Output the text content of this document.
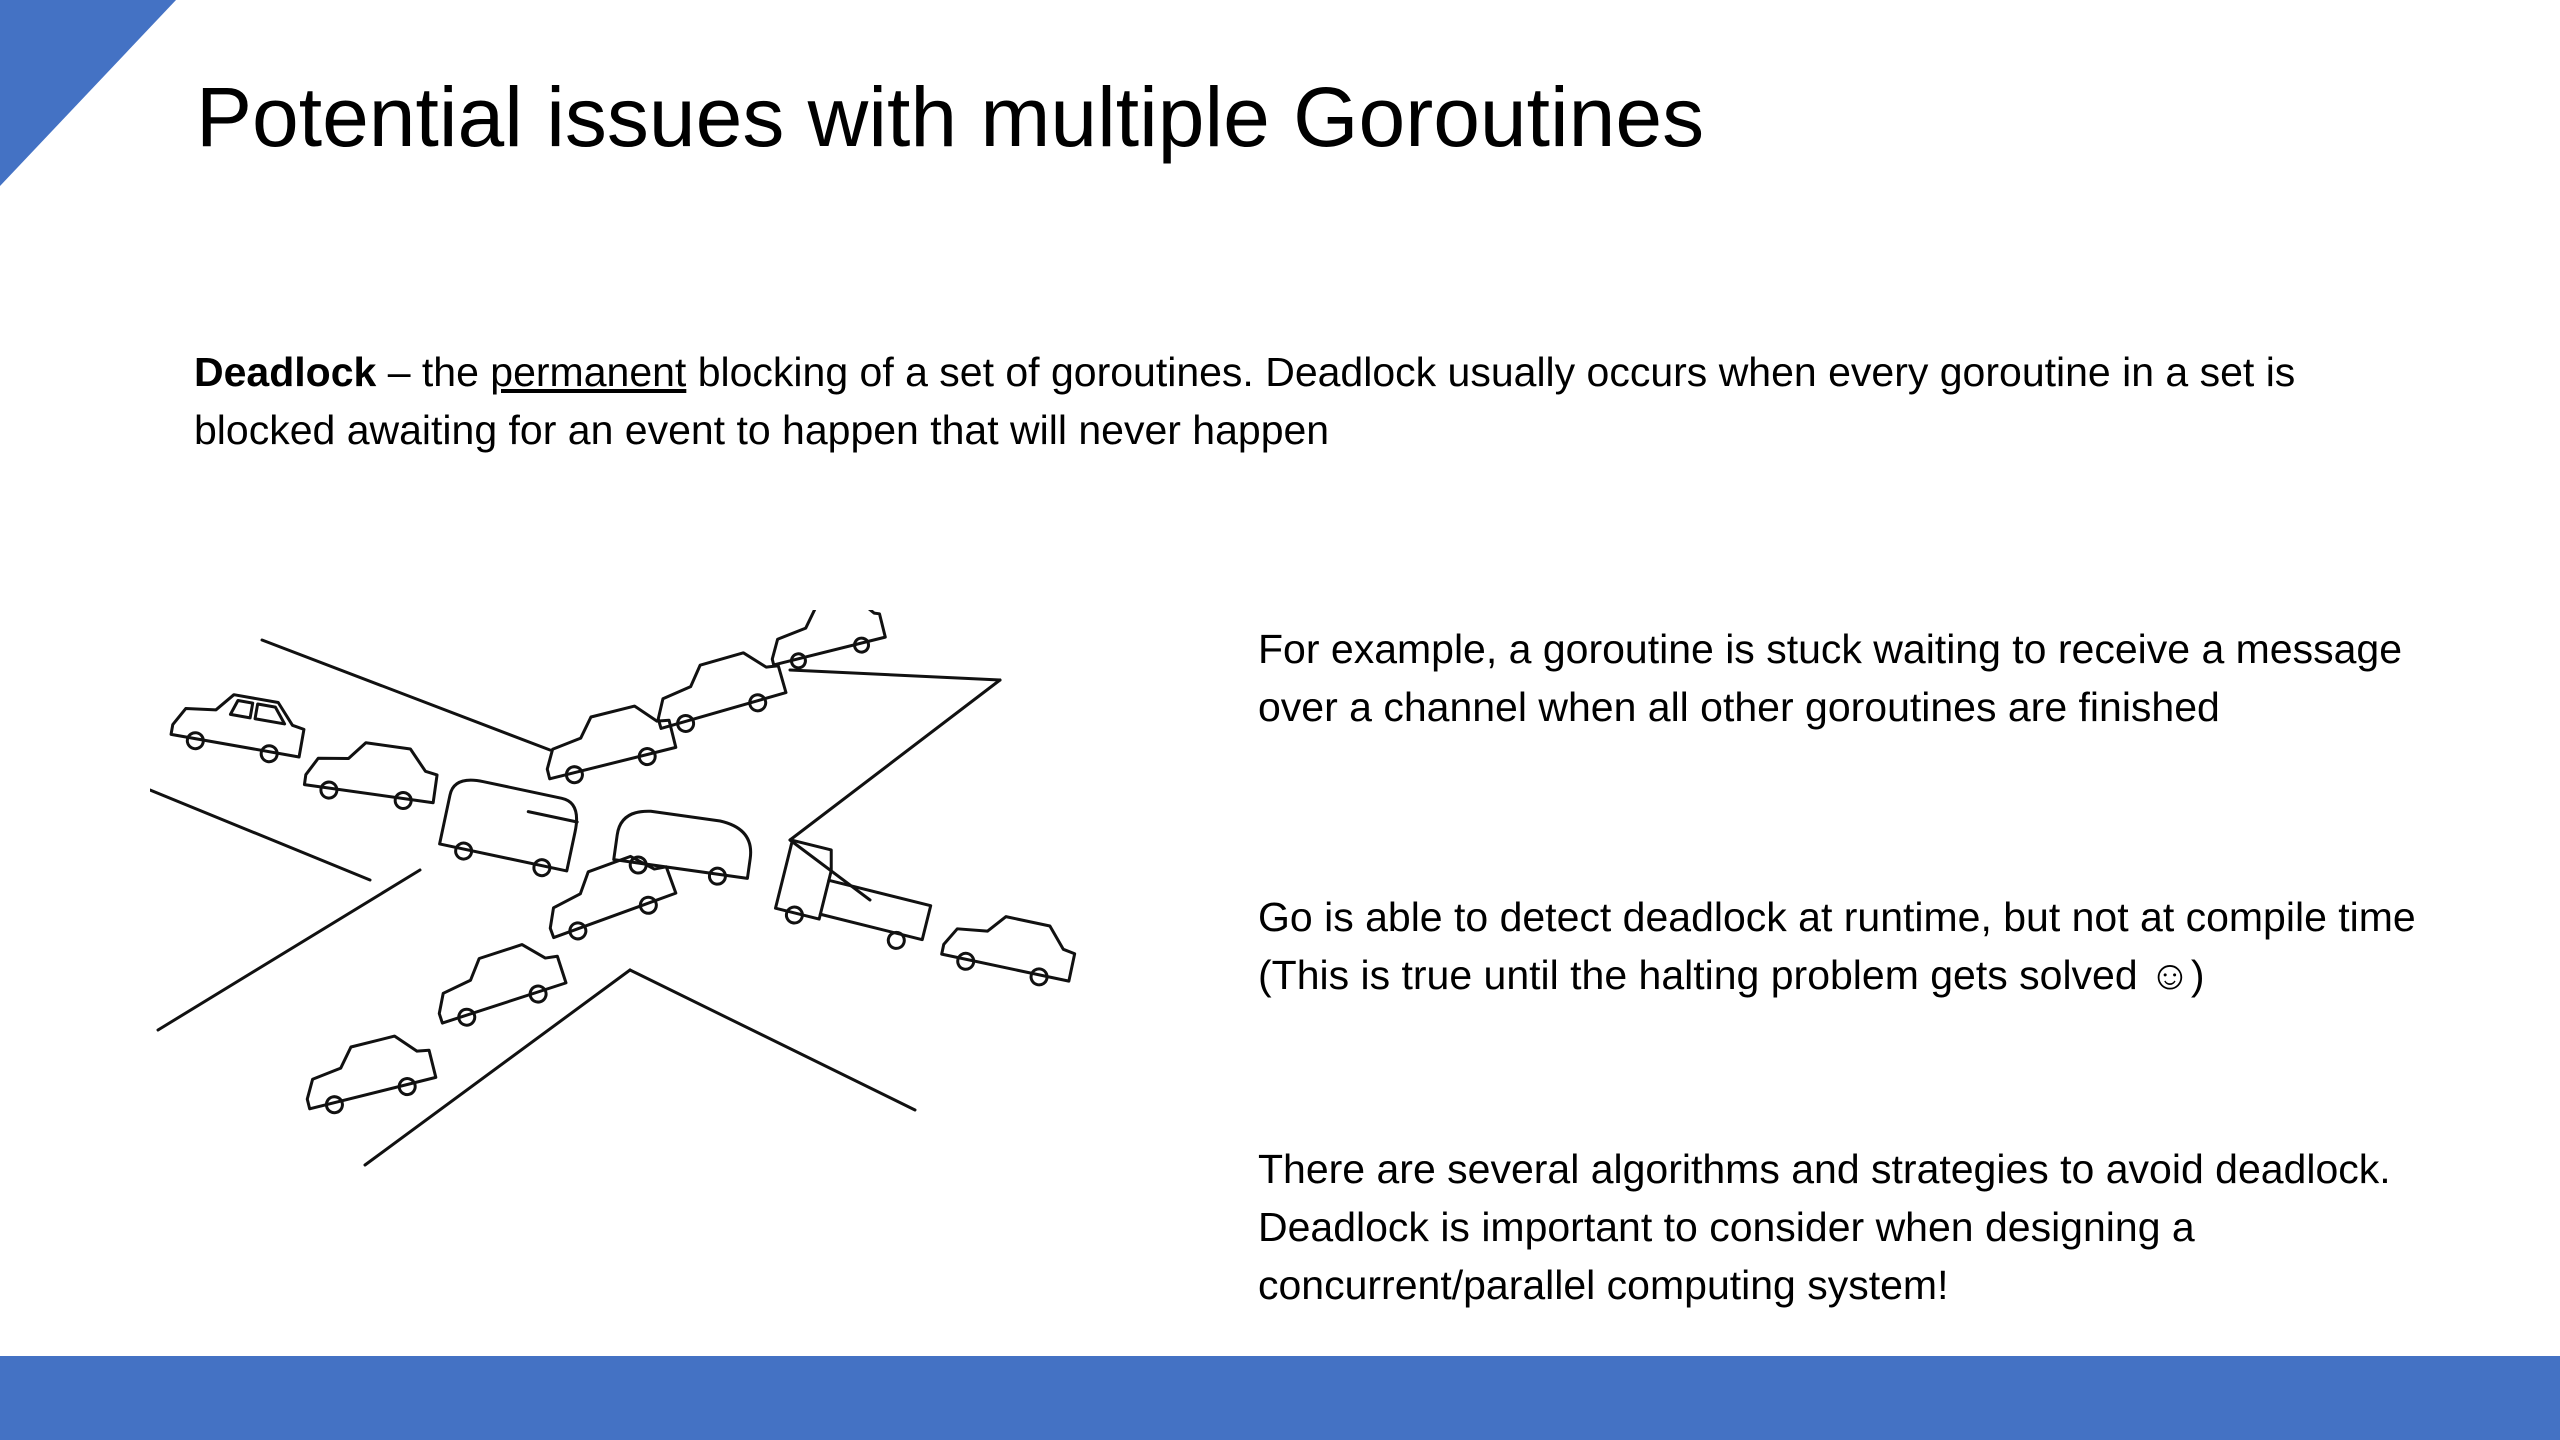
Potential issues with multiple Goroutines
Deadlock – the permanent blocking of a set of goroutines. Deadlock usually occurs when every goroutine in a set is blocked awaiting for an event to happen that will never happen
For example, a goroutine is stuck waiting to receive a message over a channel when all other goroutines are finished
Go is able to detect deadlock at runtime, but not at compile time (This is true until the halting problem gets solved ☺)
There are several algorithms and strategies to avoid deadlock. Deadlock is important to consider when designing a concurrent/parallel computing system!
